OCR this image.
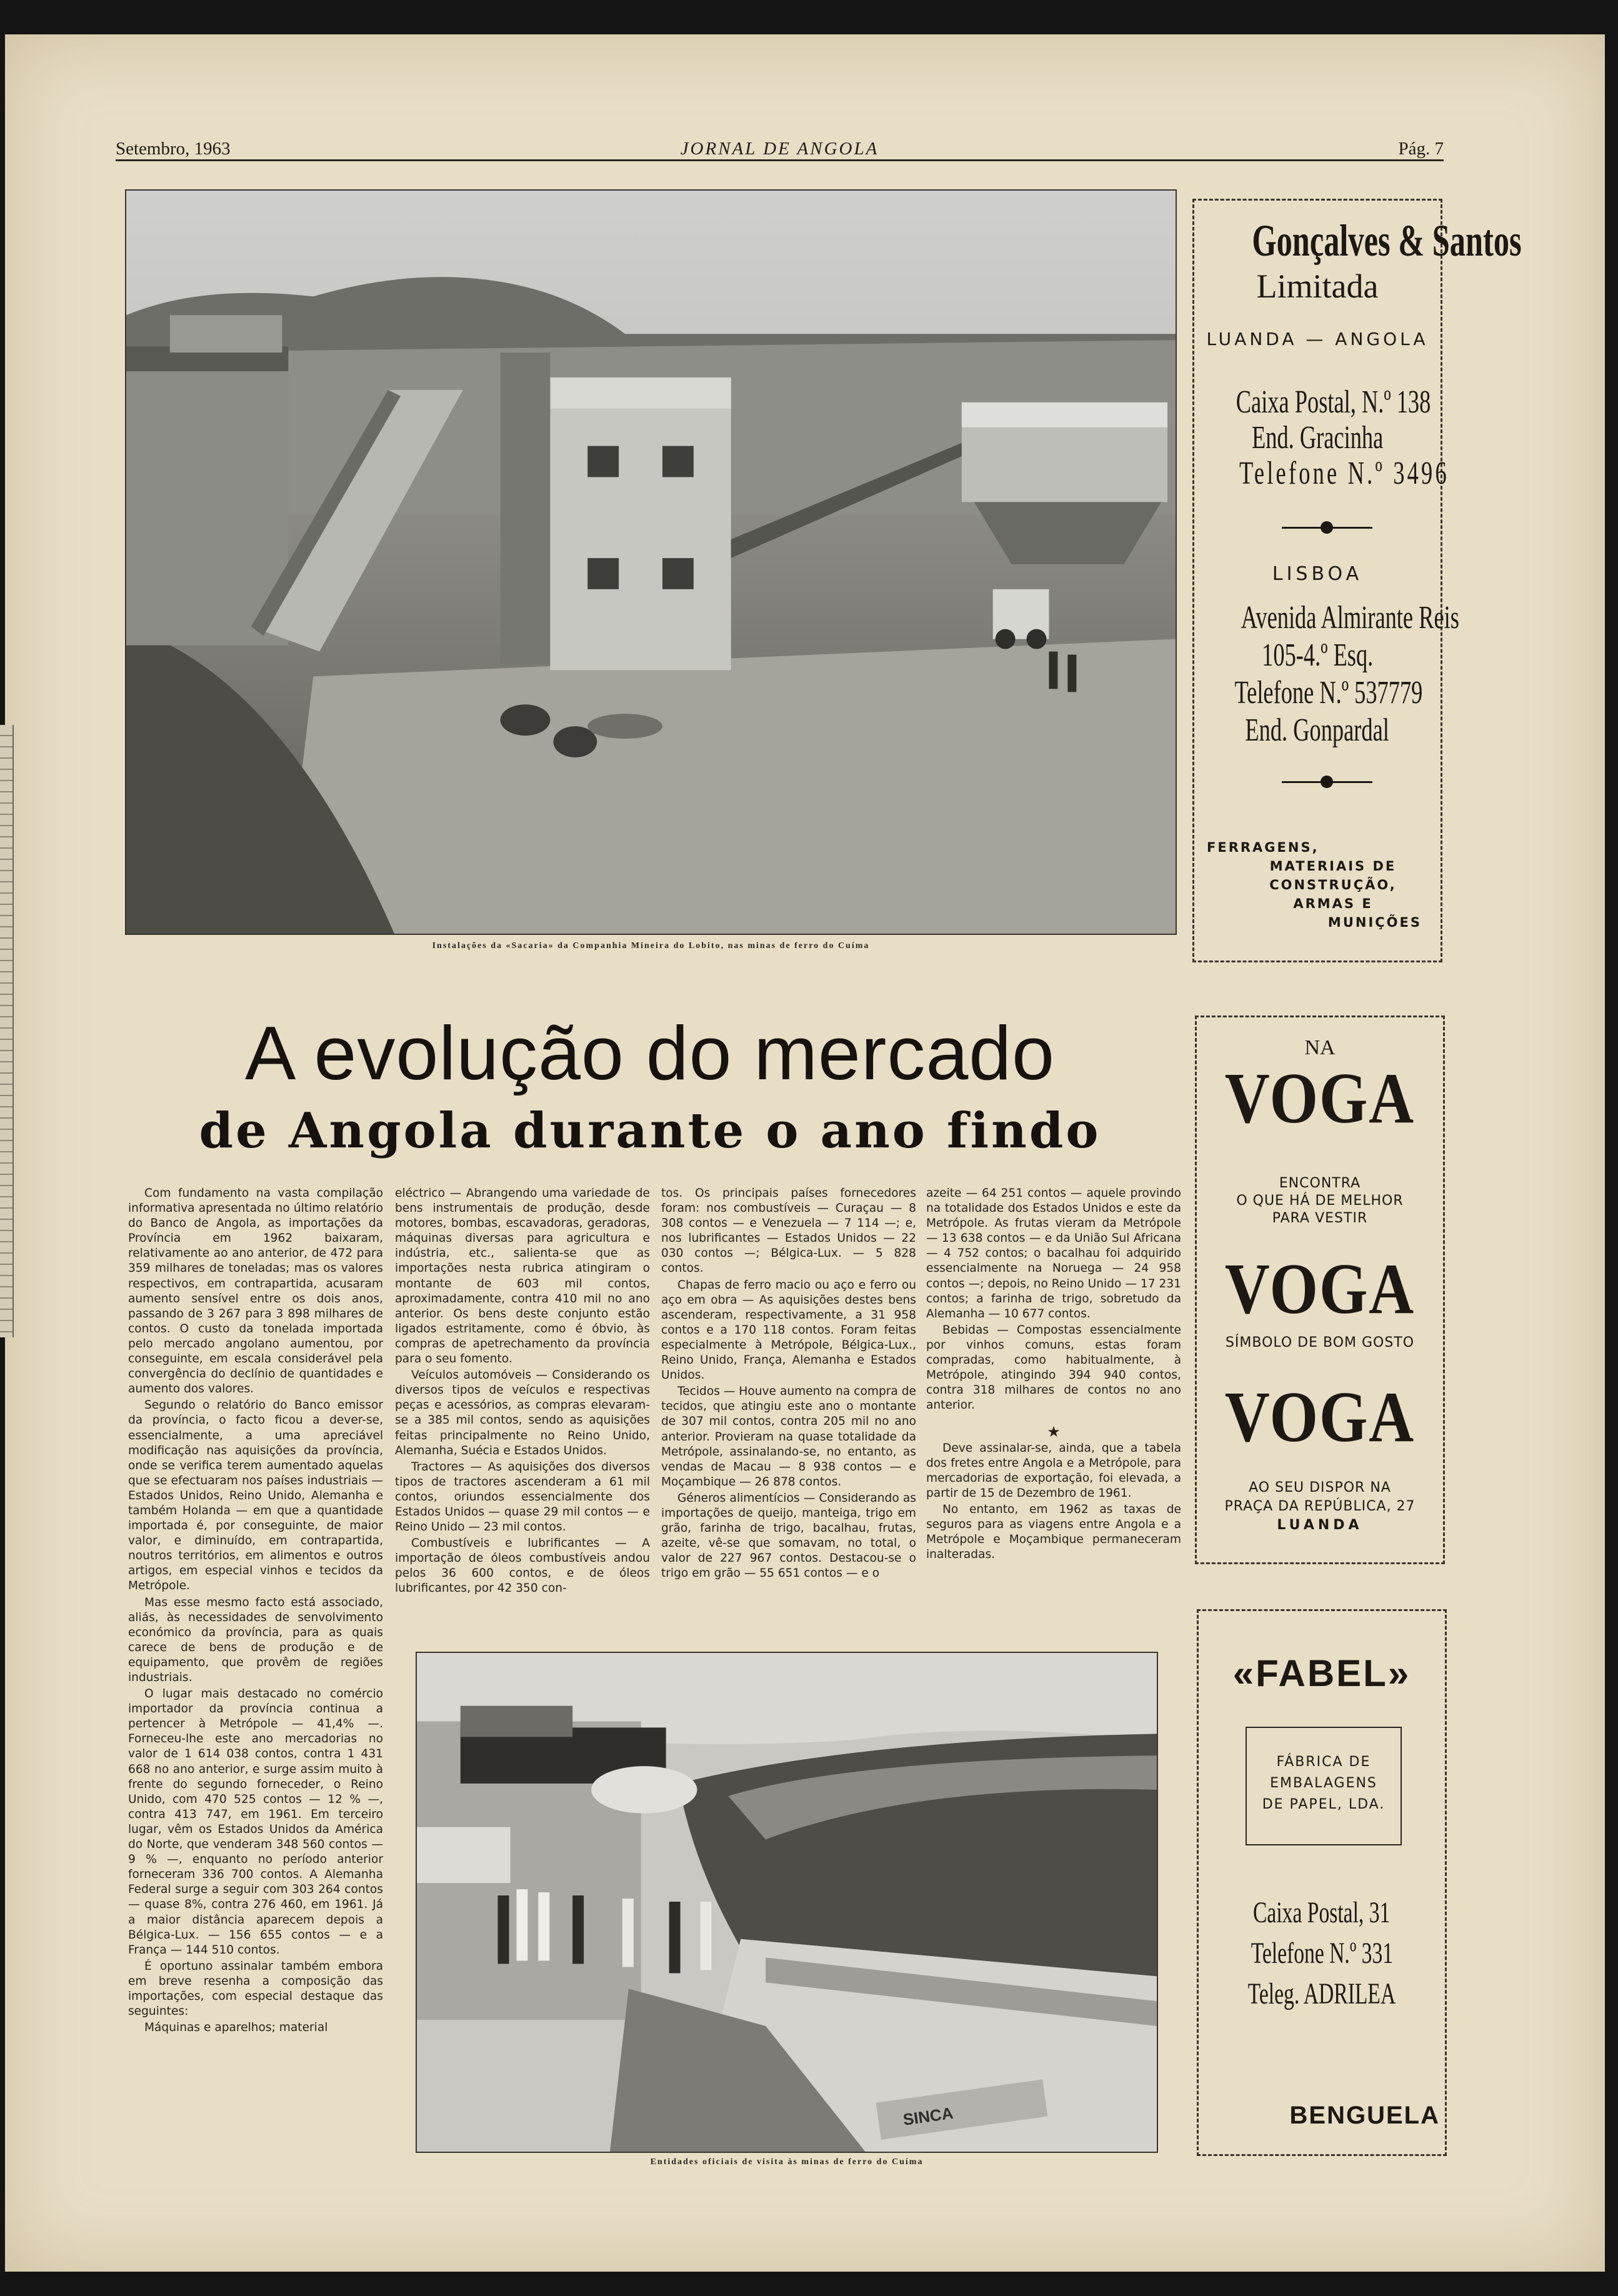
Setembro, 1963	JORNAL DE ANGOLA	Pág. 7
Instalações da «Sacaria» da Companhia Mineira do Lobito, nas minas de ferro do Cuíma
Gonçalves & Santos
Limitada
LUANDA — ANGOLA
Caixa Postal, N.º 138
End. Gracinha
Telefone N.º 3496
LISBOA
Avenida Almirante Reis
105-4.º Esq.
Telefone N.º 537779
End. Gonpardal
FERRAGENS,
MATERIAIS DE
CONSTRUÇÃO,
ARMAS E
MUNIÇÕES
A evolução do mercado
de Angola durante o ano findo

Com fundamento na vasta compilação informativa apresentada no último relatório do Banco de Angola, as importações da Província em 1962 baixaram, relativamente ao ano anterior, de 472 para 359 milhares de toneladas; mas os valores respectivos, em contrapartida, acusaram aumento sensível entre os dois anos, passando de 3 267 para 3 898 milhares de contos. O custo da tonelada importada pelo mercado angolano aumentou, por conseguinte, em escala considerável pela convergência do declínio de quantidades e aumento dos valores.

Segundo o relatório do Banco emissor da província, o facto ficou a dever-se, essencialmente, a uma apreciável modificação nas aquisições da província, onde se verifica terem aumentado aquelas que se efectuaram nos países industriais — Estados Unidos, Reino Unido, Alemanha e também Holanda — em que a quantidade importada é, por conseguinte, de maior valor, e diminuído, em contrapartida, noutros territórios, em alimentos e outros artigos, em especial vinhos e tecidos da Metrópole.

Mas esse mesmo facto está associado, aliás, às necessidades de senvolvimento económico da província, para as quais carece de bens de produção e de equipamento, que provêm de regiões industriais.

O lugar mais destacado no comércio importador da província continua a pertencer à Metrópole — 41,4% —. Forneceu-lhe este ano mercadorias no valor de 1 614 038 contos, contra 1 431 668 no ano anterior, e surge assim muito à frente do segundo forneceder, o Reino Unido, com 470 525 contos — 12 % —, contra 413 747, em 1961. Em terceiro lugar, vêm os Estados Unidos da América do Norte, que venderam 348 560 contos — 9 % —, enquanto no período anterior forneceram 336 700 contos. A Alemanha Federal surge a seguir com 303 264 contos — quase 8%, contra 276 460, em 1961. Já a maior distância aparecem depois a Bélgica-Lux. — 156 655 contos — e a França — 144 510 contos.

É oportuno assinalar também embora em breve resenha a composição das importações, com especial destaque das seguintes:

Máquinas e aparelhos; material

eléctrico — Abrangendo uma variedade de bens instrumentais de produção, desde motores, bombas, escavadoras, geradoras, máquinas diversas para agricultura e indústria, etc., salienta-se que as importações nesta rubrica atingiram o montante de 603 mil contos, aproximadamente, contra 410 mil no ano anterior. Os bens deste conjunto estão ligados estritamente, como é óbvio, às compras de apetrechamento da província para o seu fomento.

Veículos automóveis — Considerando os diversos tipos de veículos e respectivas peças e acessórios, as compras elevaram-se a 385 mil contos, sendo as aquisições feitas principalmente no Reino Unido, Alemanha, Suécia e Estados Unidos.

Tractores — As aquisições dos diversos tipos de tractores ascenderam a 61 mil contos, oriundos essencialmente dos Estados Unidos — quase 29 mil contos — e Reino Unido — 23 mil contos.

Combustíveis e lubrificantes — A importação de óleos combustíveis andou pelos 36 600 contos, e de óleos lubrificantes, por 42 350 con-

tos. Os principais países fornecedores foram: nos combustíveis — Curaçau — 8 308 contos — e Venezuela — 7 114 —; e, nos lubrificantes — Estados Unidos — 22 030 contos —; Bélgica-Lux. — 5 828 contos.

Chapas de ferro macio ou aço e ferro ou aço em obra — As aquisições destes bens ascenderam, respectivamente, a 31 958 contos e a 170 118 contos. Foram feitas especialmente à Metrópole, Bélgica-Lux., Reino Unido, França, Alemanha e Estados Unidos.

Tecidos — Houve aumento na compra de tecidos, que atingiu este ano o montante de 307 mil contos, contra 205 mil no ano anterior. Provieram na quase totalidade da Metrópole, assinalando-se, no entanto, as vendas de Macau — 8 938 contos — e Moçambique — 26 878 contos.

Géneros alimentícios — Considerando as importações de queijo, manteiga, trigo em grão, farinha de trigo, bacalhau, frutas, azeite, vê-se que somavam, no total, o valor de 227 967 contos. Destacou-se o trigo em grão — 55 651 contos — e o

azeite — 64 251 contos — aquele provindo na totalidade dos Estados Unidos e este da Metrópole. As frutas vieram da Metrópole — 13 638 contos — e da União Sul Africana — 4 752 contos; o bacalhau foi adquirido essencialmente na Noruega — 24 958 contos —; depois, no Reino Unido — 17 231 contos; a farinha de trigo, sobretudo da Alemanha — 10 677 contos.

Bebidas — Compostas essencialmente por vinhos comuns, estas foram compradas, como habitualmente, à Metrópole, atingindo 394 940 contos, contra 318 milhares de contos no ano anterior.

★

Deve assinalar-se, ainda, que a tabela dos fretes entre Angola e a Metrópole, para mercadorias de exportação, foi elevada, a partir de 15 de Dezembro de 1961.

No entanto, em 1962 as taxas de seguros para as viagens entre Angola e a Metrópole e Moçambique permaneceram inalteradas.

SINCA
Entidades oficiais de visita às minas de ferro do Cuíma
NA
VOGA
ENCONTRA
O QUE HÁ DE MELHOR
PARA VESTIR
VOGA
SÍMBOLO DE BOM GOSTO
VOGA
AO SEU DISPOR NA
PRAÇA DA REPÚBLICA, 27
LUANDA
«FABEL»
FÁBRICA DE
EMBALAGENS
DE PAPEL, LDA.
Caixa Postal, 31
Telefone N.º 331
Teleg. ADRILEA
BENGUELA
